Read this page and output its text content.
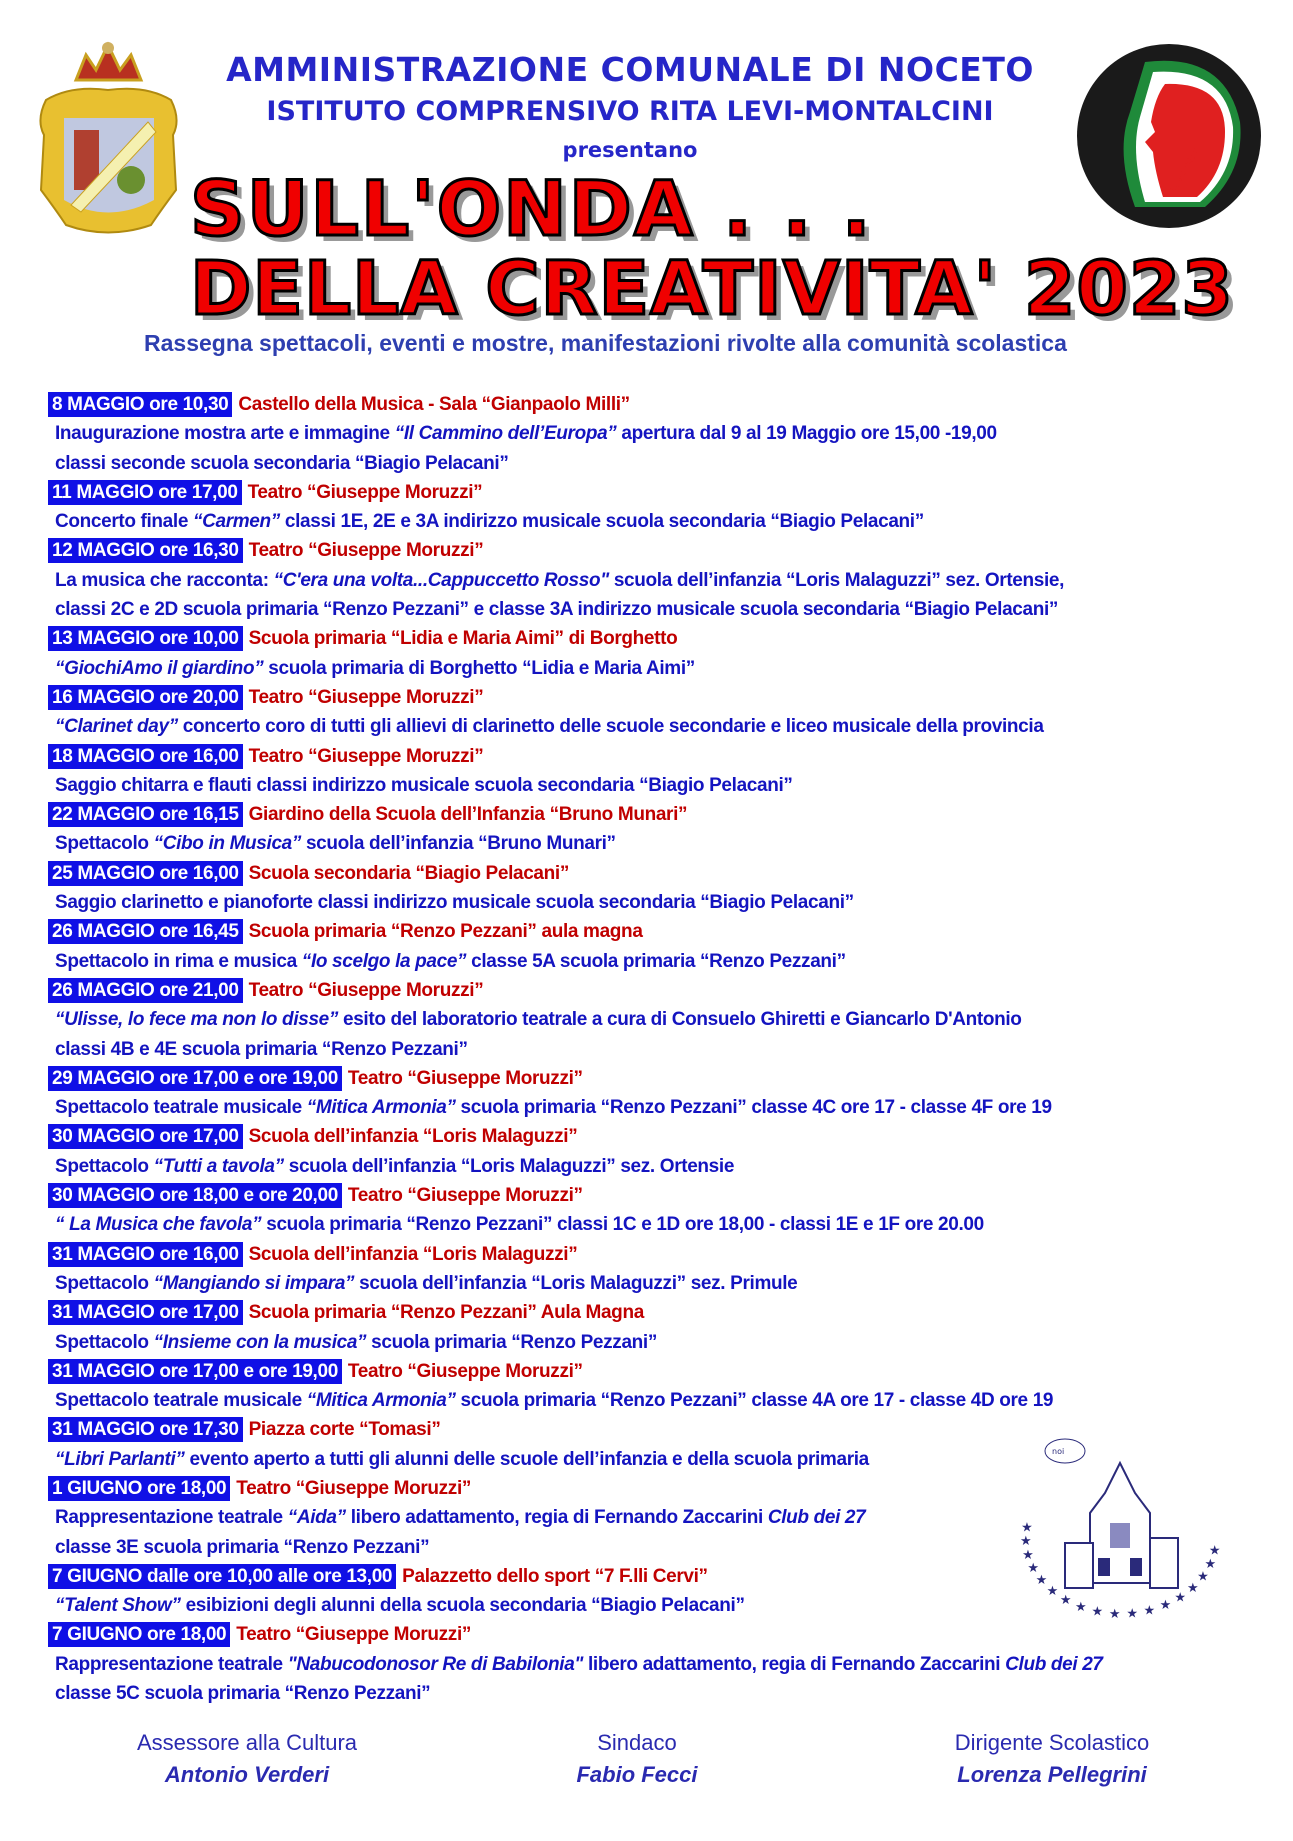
AMMINISTRAZIONE COMUNALE DI NOCETO
ISTITUTO COMPRENSIVO RITA LEVI-MONTALCINI
presentano	IC NOCETO
SULL'ONDA . . .
DELLA CREATIVITA' 2023
Rassegna spettacoli, eventi e mostre, manifestazioni rivolte alla comunità scolastica
8 MAGGIO ore 10,30 Castello della Musica - Sala “Gianpaolo Milli”
Inaugurazione mostra arte e immagine “Il Cammino dell’Europa” apertura dal 9 al 19 Maggio ore 15,00 -19,00
classi seconde scuola secondaria “Biagio Pelacani”
11 MAGGIO ore 17,00 Teatro “Giuseppe Moruzzi”
Concerto finale “Carmen” classi 1E, 2E e 3A indirizzo musicale scuola secondaria “Biagio Pelacani”
12 MAGGIO ore 16,30 Teatro “Giuseppe Moruzzi”
La musica che racconta: “C'era una volta...Cappuccetto Rosso" scuola dell’infanzia “Loris Malaguzzi” sez. Ortensie,
classi 2C e 2D scuola primaria “Renzo Pezzani” e classe 3A indirizzo musicale scuola secondaria “Biagio Pelacani”
13 MAGGIO ore 10,00 Scuola primaria “Lidia e Maria Aimi” di Borghetto
“GiochiAmo il giardino” scuola primaria di Borghetto “Lidia e Maria Aimi”
16 MAGGIO ore 20,00 Teatro “Giuseppe Moruzzi”
“Clarinet day” concerto coro di tutti gli allievi di clarinetto delle scuole secondarie e liceo musicale della provincia
18 MAGGIO ore 16,00 Teatro “Giuseppe Moruzzi”
Saggio chitarra e flauti classi indirizzo musicale scuola secondaria “Biagio Pelacani”
22 MAGGIO ore 16,15 Giardino della Scuola dell’Infanzia “Bruno Munari”
Spettacolo “Cibo in Musica” scuola dell’infanzia “Bruno Munari”
25 MAGGIO ore 16,00 Scuola secondaria “Biagio Pelacani”
Saggio clarinetto e pianoforte classi indirizzo musicale scuola secondaria “Biagio Pelacani”
26 MAGGIO ore 16,45 Scuola primaria “Renzo Pezzani” aula magna
Spettacolo in rima e musica “Io scelgo la pace” classe 5A scuola primaria “Renzo Pezzani”
26 MAGGIO ore 21,00 Teatro “Giuseppe Moruzzi”
“Ulisse, lo fece ma non lo disse” esito del laboratorio teatrale a cura di Consuelo Ghiretti e Giancarlo D'Antonio
classi 4B e 4E scuola primaria “Renzo Pezzani”
29 MAGGIO ore 17,00 e ore 19,00 Teatro “Giuseppe Moruzzi”
Spettacolo teatrale musicale “Mitica Armonia” scuola primaria “Renzo Pezzani” classe 4C ore 17 - classe 4F ore 19
30 MAGGIO ore 17,00 Scuola dell’infanzia “Loris Malaguzzi”
Spettacolo “Tutti a tavola” scuola dell’infanzia “Loris Malaguzzi” sez. Ortensie
30 MAGGIO ore 18,00 e ore 20,00 Teatro “Giuseppe Moruzzi”
“ La Musica che favola” scuola primaria “Renzo Pezzani” classi 1C e 1D ore 18,00 - classi 1E e 1F ore 20.00
31 MAGGIO ore 16,00 Scuola dell’infanzia “Loris Malaguzzi”
Spettacolo “Mangiando si impara” scuola dell’infanzia “Loris Malaguzzi” sez. Primule
31 MAGGIO ore 17,00 Scuola primaria “Renzo Pezzani” Aula Magna
Spettacolo “Insieme con la musica” scuola primaria “Renzo Pezzani”
31 MAGGIO ore 17,00 e ore 19,00 Teatro “Giuseppe Moruzzi”
Spettacolo teatrale musicale “Mitica Armonia” scuola primaria “Renzo Pezzani” classe 4A ore 17 - classe 4D ore 19
31 MAGGIO ore 17,30 Piazza corte “Tomasi”
“Libri Parlanti” evento aperto a tutti gli alunni delle scuole dell’infanzia e della scuola primaria
1 GIUGNO ore 18,00 Teatro “Giuseppe Moruzzi”
Rappresentazione teatrale “Aida” libero adattamento, regia di Fernando Zaccarini Club dei 27
classe 3E scuola primaria “Renzo Pezzani”
7 GIUGNO dalle ore 10,00 alle ore 13,00 Palazzetto dello sport “7 F.lli Cervi”
“Talent Show” esibizioni degli alunni della scuola secondaria “Biagio Pelacani”
7 GIUGNO ore 18,00 Teatro “Giuseppe Moruzzi”
Rappresentazione teatrale "Nabucodonosor Re di Babilonia" libero adattamento, regia di Fernando Zaccarini Club dei 27
classe 5C scuola primaria “Renzo Pezzani”
★
★
★
★
★
★
★
★
★
★
★
★
★
★
★
★
★
★
noi
Assessore alla Cultura
Antonio Verderi
Sindaco
Fabio Fecci
Dirigente Scolastico
Lorenza Pellegrini
